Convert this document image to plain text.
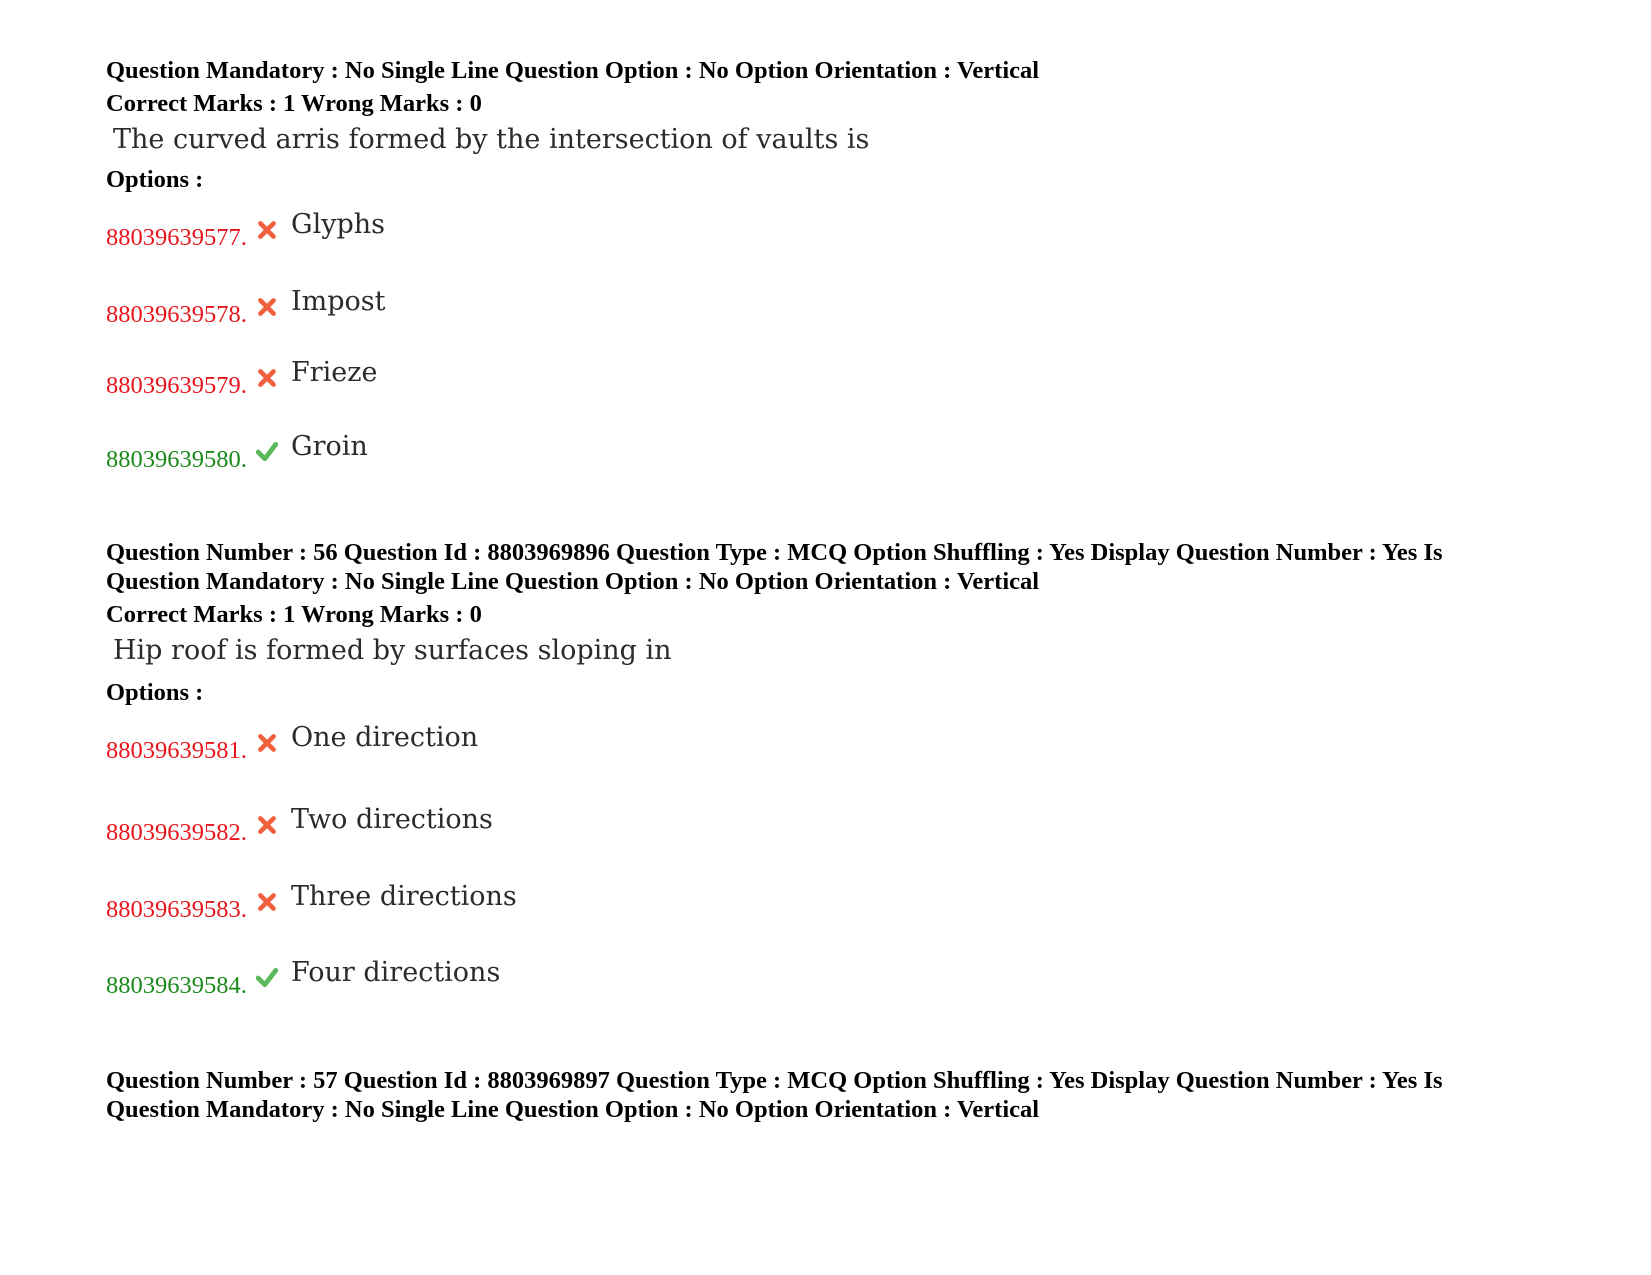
Question Mandatory : No Single Line Question Option : No Option Orientation : Vertical
Correct Marks : 1 Wrong Marks : 0
The curved arris formed by the intersection of vaults is
Options :
88039639577. Glyphs
88039639578. Impost
88039639579. Frieze
88039639580. Groin
Question Number : 56 Question Id : 8803969896 Question Type : MCQ Option Shuffling : Yes Display Question Number : Yes Is
Question Mandatory : No Single Line Question Option : No Option Orientation : Vertical
Correct Marks : 1 Wrong Marks : 0
Hip roof is formed by surfaces sloping in
Options :
88039639581. One direction
88039639582. Two directions
88039639583. Three directions
88039639584. Four directions
Question Number : 57 Question Id : 8803969897 Question Type : MCQ Option Shuffling : Yes Display Question Number : Yes Is
Question Mandatory : No Single Line Question Option : No Option Orientation : Vertical
